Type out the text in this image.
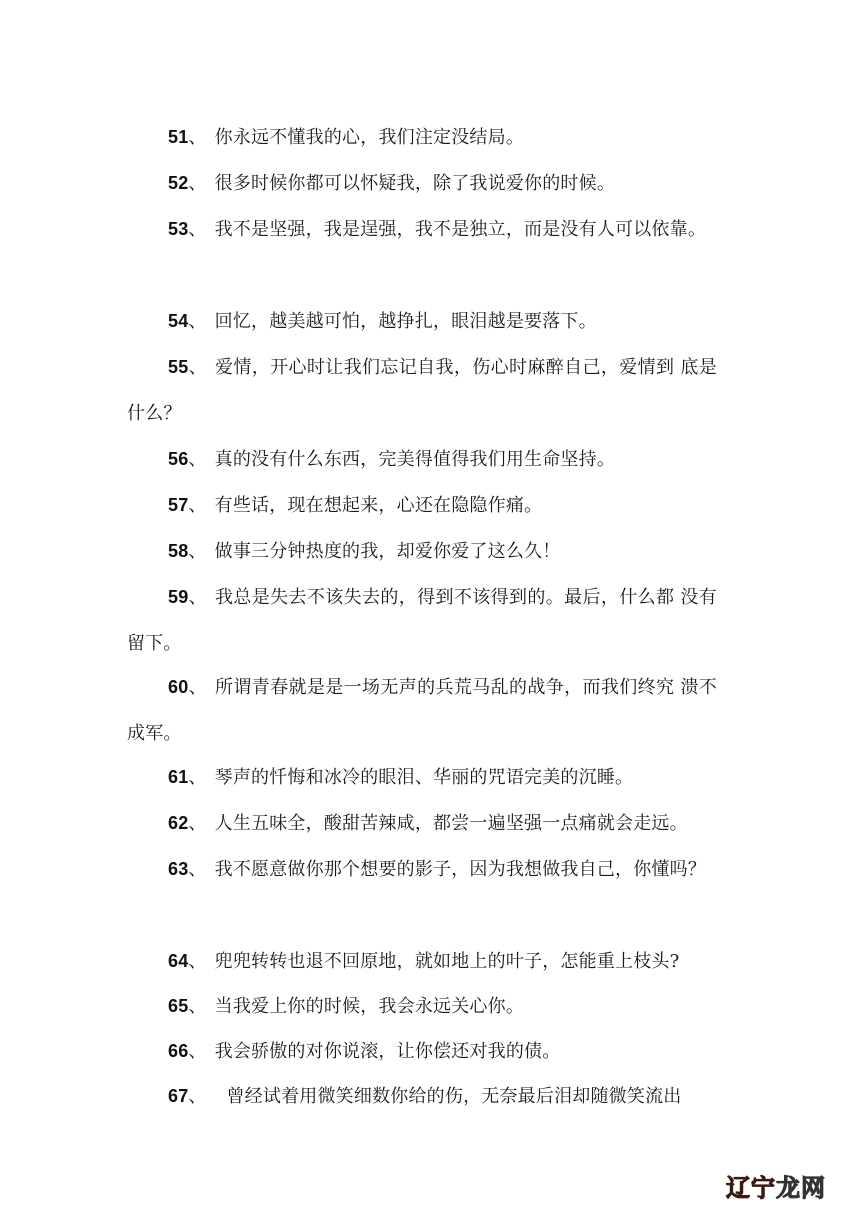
51、 你永远不懂我的心，我们注定没结局。
52、 很多时候你都可以怀疑我，除了我说爱你的时候。
53、 我不是坚强，我是逞强，我不是独立，而是没有人可以依靠。
54、 回忆，越美越可怕，越挣扎，眼泪越是要落下。
55、 爱情，开心时让我们忘记自我，伤心时麻醉自己，爱情到 底是什么？
56、 真的没有什么东西，完美得值得我们用生命坚持。
57、 有些话，现在想起来，心还在隐隐作痛。
58、 做事三分钟热度的我，却爱你爱了这么久！
59、 我总是失去不该失去的，得到不该得到的。最后，什么都 没有留下。
60、 所谓青春就是是一场无声的兵荒马乱的战争，而我们终究 溃不成军。
61、 琴声的忏悔和冰冷的眼泪、华丽的咒语完美的沉睡。
62、 人生五味全，酸甜苦辣咸，都尝一遍坚强一点痛就会走远。
63、 我不愿意做你那个想要的影子，因为我想做我自己，你懂吗？
64、 兜兜转转也退不回原地，就如地上的叶子，怎能重上枝头?
65、 当我爱上你的时候，我会永远关心你。
66、 我会骄傲的对你说滚，让你偿还对我的债。
67、  曾经试着用微笑细数你给的伤，无奈最后泪却随微笑流出
辽宁龙网
